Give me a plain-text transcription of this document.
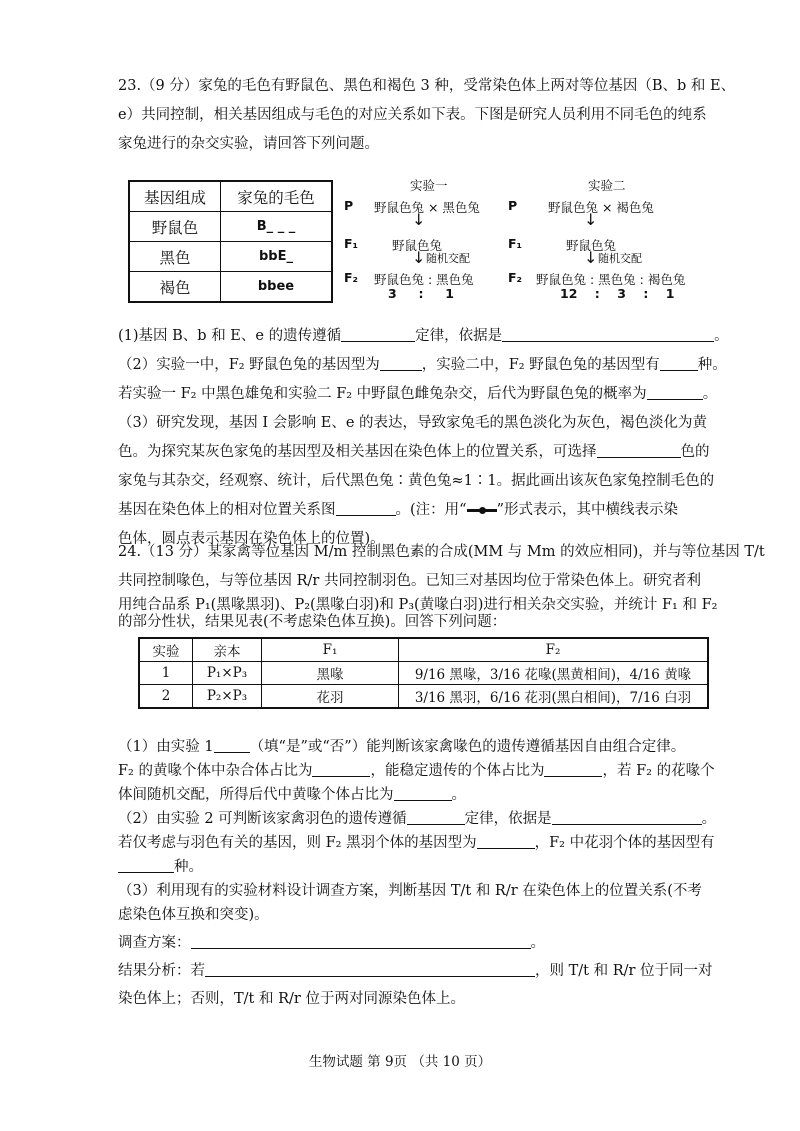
23.（9 分）家兔的毛色有野鼠色、黑色和褐色 3 种，受常染色体上两对等位基因（B、b 和 E、
e）共同控制，相关基因组成与毛色的对应关系如下表。下图是研究人员利用不同毛色的纯系
家兔进行的杂交实验，请回答下列问题。
基因组成	家兔的毛色
野鼠色	B_ _ _
黑色	bbE_
褐色	bbee
实验一
P 野鼠色兔 × 黑色兔
↓
F₁	野鼠色兔
↓ 随机交配
F₂ 野鼠色兔 : 黑色兔
3     :     1
实验二
P 野鼠色兔 × 褐色兔
↓
F₁	野鼠色兔
↓ 随机交配
F₂ 野鼠色兔 : 黑色兔 : 褐色兔
12    :    3    :    1
(1)基因 B、b 和 E、e 的遗传遵循	定律，依据是	。
（2）实验一中，F₂ 野鼠色兔的基因型为	，实验二中，F₂ 野鼠色兔的基因型有	种。
若实验一 F₂ 中黑色雄兔和实验二 F₂ 中野鼠色雌兔杂交，后代为野鼠色兔的概率为	。
（3）研究发现，基因 I 会影响 E、e 的表达，导致家兔毛的黑色淡化为灰色，褐色淡化为黄
色。为探究某灰色家兔的基因型及相关基因在染色体上的位置关系，可选择	色的
家兔与其杂交，经观察、统计，后代黑色兔∶黄色兔≈1∶1。据此画出该灰色家兔控制毛色的
基因在染色体上的相对位置关系图	。(注：用“ ”形式表示，其中横线表示染
色体，圆点表示基因在染色体上的位置)。
24.（13 分）某家禽等位基因 M/m 控制黑色素的合成(MM 与 Mm 的效应相同)，并与等位基因 T/t
共同控制喙色，与等位基因 R/r 共同控制羽色。已知三对基因均位于常染色体上。研究者利
用纯合品系 P₁(黑喙黑羽)、P₂(黑喙白羽)和 P₃(黄喙白羽)进行相关杂交实验，并统计 F₁ 和 F₂
的部分性状，结果见表(不考虑染色体互换)。回答下列问题：
实验	亲本	F₁	F₂
1	P₁×P₃	黑喙	9/16 黑喙，3/16 花喙(黑黄相间)，4/16 黄喙
2	P₂×P₃	花羽	3/16 黑羽，6/16 花羽(黑白相间)，7/16 白羽
（1）由实验 1 （填“是”或“否”）能判断该家禽喙色的遗传遵循基因自由组合定律。
F₂ 的黄喙个体中杂合体占比为	，能稳定遗传的个体占比为	，若 F₂ 的花喙个
体间随机交配，所得后代中黄喙个体占比为	。
（2）由实验 2 可判断该家禽羽色的遗传遵循	定律，依据是	。
若仅考虑与羽色有关的基因，则 F₂ 黑羽个体的基因型为	，F₂ 中花羽个体的基因型有
种。
（3）利用现有的实验材料设计调查方案，判断基因 T/t 和 R/r 在染色体上的位置关系(不考
虑染色体互换和突变)。
调查方案：	。
结果分析：若	，则 T/t 和 R/r 位于同一对
染色体上；否则，T/t 和 R/r 位于两对同源染色体上。
生物试题 第 9页 （共 10 页）
